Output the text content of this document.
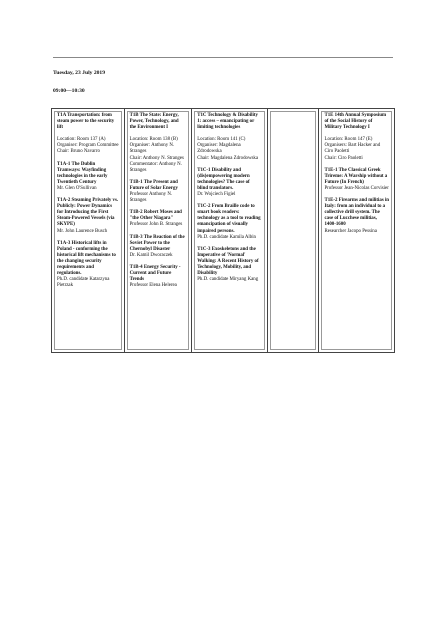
Tuesday, 23 July 2019
09:00—10:30

T1A Transportation: from steam power to the security lift

Location: Room 137 (A)

Organiser: Program Committee

Chair: Bruno Navarro

T1A-1 The Dublin Tramways: Wayfinding technologies in the early Twentieth Century

Mr. Glen O'Sullivan

T1A-2 Steaming Privately vs. Publicly: Power Dynamics for Introducing the First Steam-Powered Vessels (via SKYPE)

Mr. John Laurence Busch

T1A-3 Historical lifts in Poland - conforming the historical lift mechanisms to the changing security requirements and regulations.

Ph.D. candidate Katarzyna Pietrzak

T1B The State: Energy, Power, Technology, and the Environment I

Location: Room 138 (B)

Organiser: Anthony N. Stranges

Chair: Anthony N. Stranges

Commentator: Anthony N. Stranges

T1B-1 The Present and Future of Solar Energy

Professor Anthony N. Stranges

T1B-2 Robert Moses and "the Other Niagara"

Professor John B. Stranges

T1B-3 The Reaction of the Soviet Power to the Chernobyl Disaster

Dr. Kamil Dworaczek

T1B-4 Energy Security - Current and Future Trends

Professor Elena Helerea

T1C Technology & Disability 1: access – emancipating or limiting technologies

Location: Room 141 (C)

Organiser: Magdalena Zdrodowska

Chair: Magdalena Zdrodowska

T1C-1 Disability and (dis)empowering modern technologies? The case of blind translators.

Dr. Wojciech Figiel

T1C-2 From Braille code to smart book readers: technology as a tool to reading emancipation of visually impaired persons.

Ph.D. candidate Kamila Albin

T1C-3 Exoskeletons and the Imperative of 'Normal' Walking: A Recent History of Technology, Mobility, and Disability

Ph.D. candidate Miryang Kang

T1E 14th Annual Symposium of the Social History of Military Technology I

Location: Room 147 (E)

Organisers: Bart Hacker and Ciro Paoletti

Chair: Ciro Paoletti

T1E-1 The Classical Greek Trireme: A Warship without a Future (In French)

Professor Jean-Nicolas Corvisier

T1E-2 Firearms and militias in Italy: from an individual to a collective drill system. The case of Lucchese militias, 1400-1600

Researcher Jacopo Pessina
